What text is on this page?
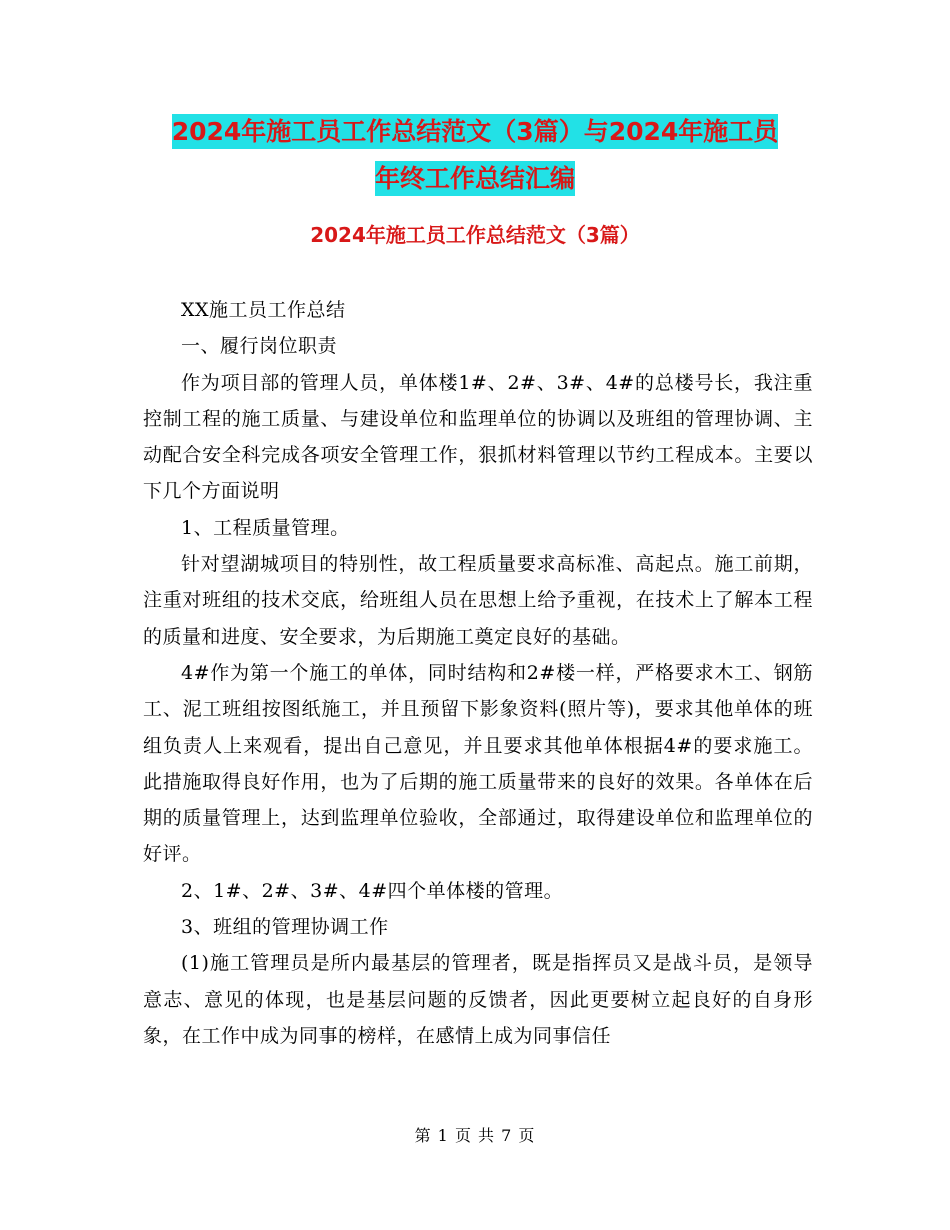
2024年施工员工作总结范文（3篇）与2024年施工员
年终工作总结汇编
2024年施工员工作总结范文（3篇）

XX施工员工作总结

一、履行岗位职责

作为项目部的管理人员，单体楼1#、2#、3#、4#的总楼号长，我注重控制工程的施工质量、与建设单位和监理单位的协调以及班组的管理协调、主动配合安全科完成各项安全管理工作，狠抓材料管理以节约工程成本。主要以下几个方面说明

1、工程质量管理。

针对望湖城项目的特别性，故工程质量要求高标准、高起点。施工前期，注重对班组的技术交底，给班组人员在思想上给予重视，在技术上了解本工程的质量和进度、安全要求，为后期施工奠定良好的基础。

4#作为第一个施工的单体，同时结构和2#楼一样，严格要求木工、钢筋工、泥工班组按图纸施工，并且预留下影象资料(照片等)，要求其他单体的班组负责人上来观看，提出自己意见，并且要求其他单体根据4#的要求施工。此措施取得良好作用，也为了后期的施工质量带来的良好的效果。各单体在后期的质量管理上，达到监理单位验收，全部通过，取得建设单位和监理单位的好评。

2、1#、2#、3#、4#四个单体楼的管理。

3、班组的管理协调工作

(1)施工管理员是所内最基层的管理者，既是指挥员又是战斗员，是领导意志、意见的体现，也是基层问题的反馈者，因此更要树立起良好的自身形象，在工作中成为同事的榜样，在感情上成为同事信任

第 1 页 共 7 页
